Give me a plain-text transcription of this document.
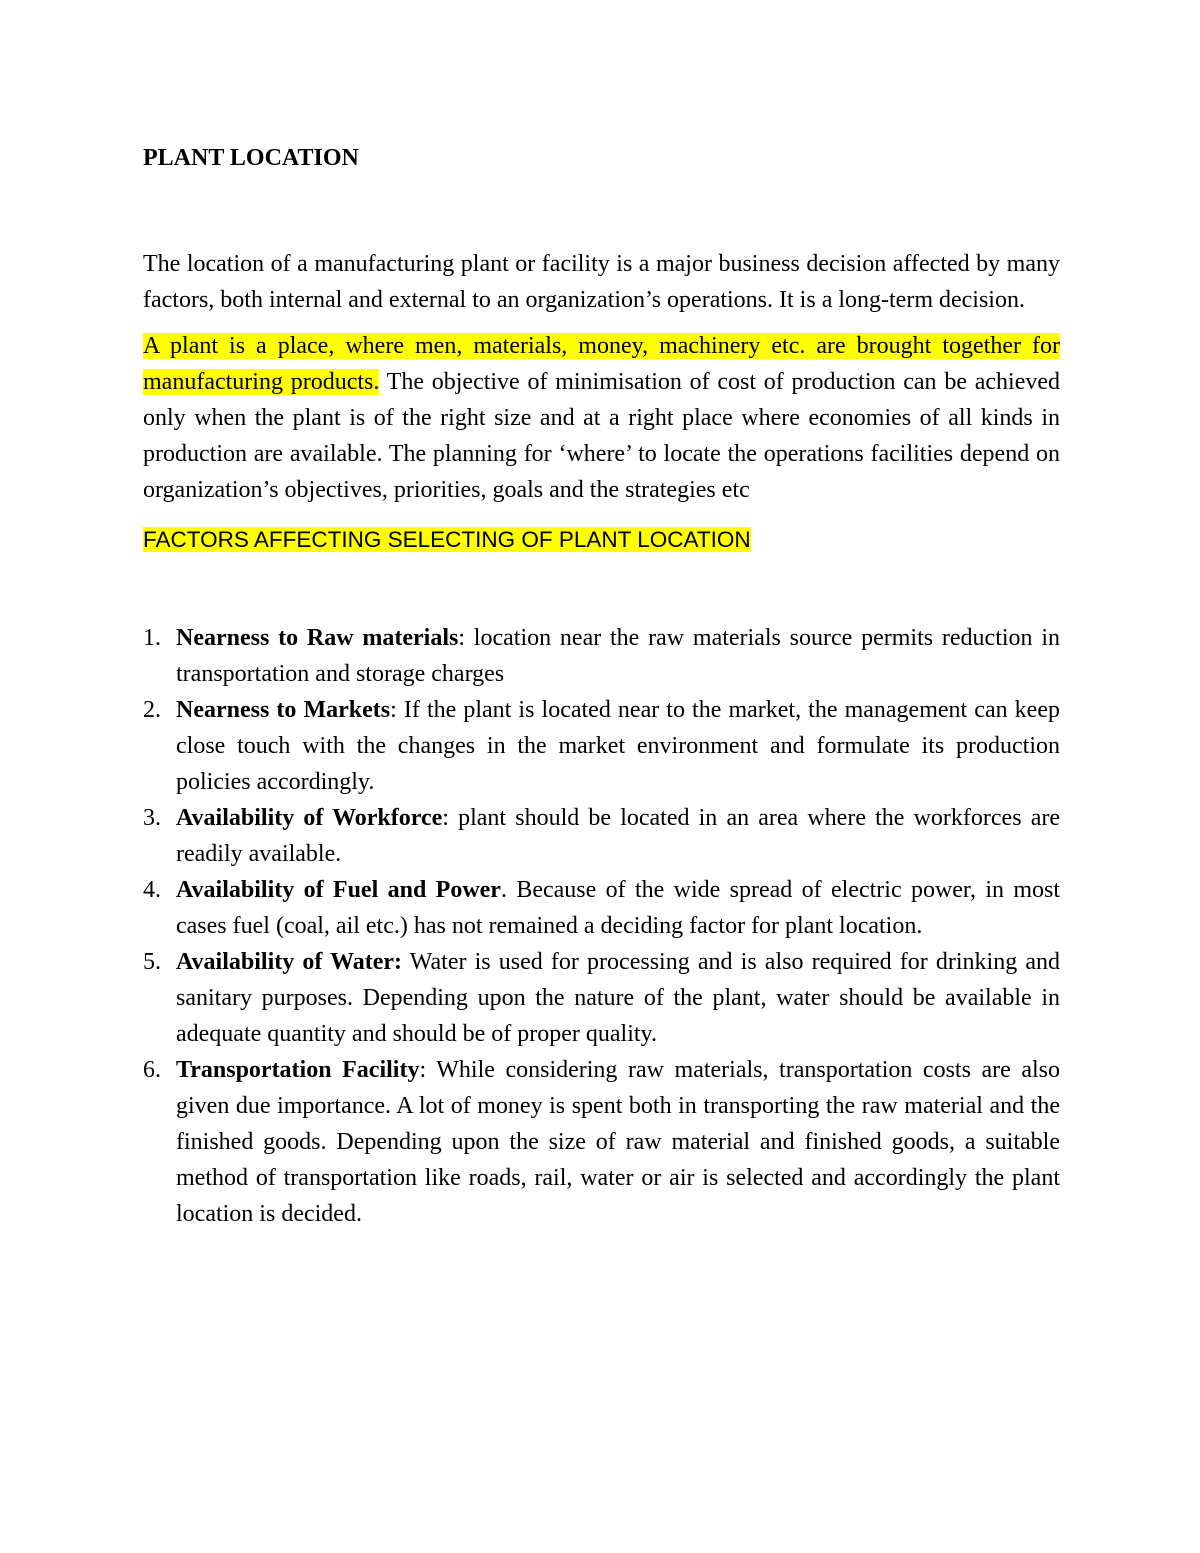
PLANT LOCATION

The location of a manufacturing plant or facility is a major business decision affected by many factors, both internal and external to an organization’s operations. It is a long-term decision.

A plant is a place, where men, materials, money, machinery etc. are brought together for manufacturing products. The objective of minimisation of cost of production can be achieved only when the plant is of the right size and at a right place where economies of all kinds in production are available. The planning for ‘where’ to locate the operations facilities depend on organization’s objectives, priorities, goals and the strategies etc

FACTORS AFFECTING SELECTING OF PLANT LOCATION
1. Nearness to Raw materials: location near the raw materials source permits reduction in transportation and storage charges
2. Nearness to Markets: If the plant is located near to the market, the management can keep close touch with the changes in the market environment and formulate its production policies accordingly.
3. Availability of Workforce: plant should be located in an area where the workforces are readily available.
4. Availability of Fuel and Power. Because of the wide spread of electric power, in most cases fuel (coal, ail etc.) has not remained a deciding factor for plant location.
5. Availability of Water: Water is used for processing and is also required for drinking and sanitary purposes. Depending upon the nature of the plant, water should be available in adequate quantity and should be of proper quality.
6. Transportation Facility: While considering raw materials, transportation costs are also given due importance. A lot of money is spent both in transporting the raw material and the finished goods. Depending upon the size of raw material and finished goods, a suitable method of transportation like roads, rail, water or air is selected and accordingly the plant location is decided.
